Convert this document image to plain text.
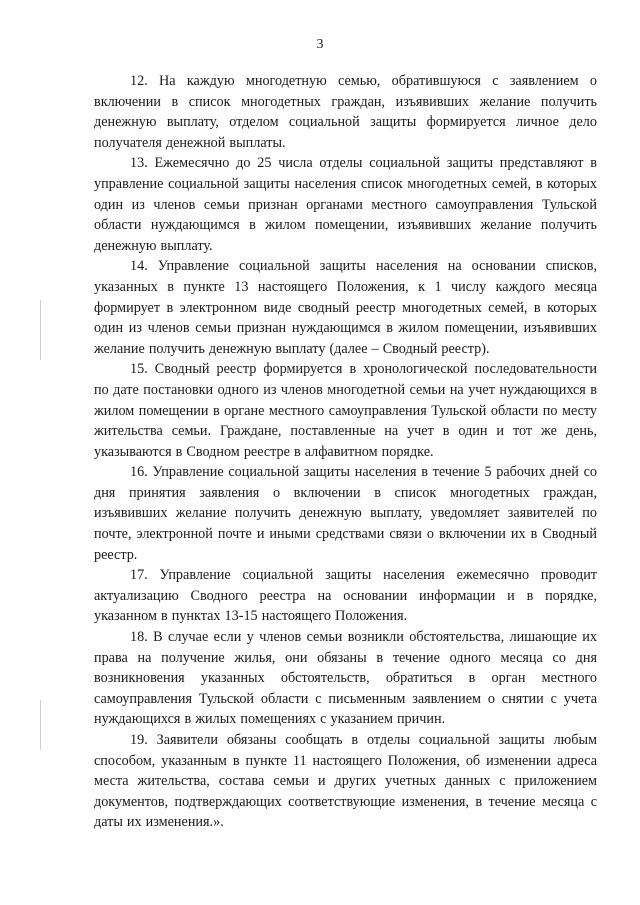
3

12. На каждую многодетную семью, обратившуюся с заявлением о включении в список многодетных граждан, изъявивших желание получить денежную выплату, отделом социальной защиты формируется личное дело получателя денежной выплаты.

13. Ежемесячно до 25 числа отделы социальной защиты представляют в управление социальной защиты населения список многодетных семей, в которых один из членов семьи признан органами местного самоуправления Тульской области нуждающимся в жилом помещении, изъявивших желание получить денежную выплату.

14. Управление социальной защиты населения на основании списков, указанных в пункте 13 настоящего Положения, к 1 числу каждого месяца формирует в электронном виде сводный реестр многодетных семей, в которых один из членов семьи признан нуждающимся в жилом помещении, изъявивших желание получить денежную выплату (далее – Сводный реестр).

15. Сводный реестр формируется в хронологической последовательности по дате постановки одного из членов многодетной семьи на учет нуждающихся в жилом помещении в органе местного самоуправления Тульской области по месту жительства семьи. Граждане, поставленные на учет в один и тот же день, указываются в Сводном реестре в алфавитном порядке.

16. Управление социальной защиты населения в течение 5 рабочих дней со дня принятия заявления о включении в список многодетных граждан, изъявивших желание получить денежную выплату, уведомляет заявителей по почте, электронной почте и иными средствами связи о включении их в Сводный реестр.

17. Управление социальной защиты населения ежемесячно проводит актуализацию Сводного реестра на основании информации и в порядке, указанном в пунктах 13-15 настоящего Положения.

18. В случае если у членов семьи возникли обстоятельства, лишающие их права на получение жилья, они обязаны в течение одного месяца со дня возникновения указанных обстоятельств, обратиться в орган местного самоуправления Тульской области с письменным заявлением о снятии с учета нуждающихся в жилых помещениях с указанием причин.

19. Заявители обязаны сообщать в отделы социальной защиты любым способом, указанным в пункте 11 настоящего Положения, об изменении адреса места жительства, состава семьи и других учетных данных с приложением документов, подтверждающих соответствующие изменения, в течение месяца с даты их изменения.».
